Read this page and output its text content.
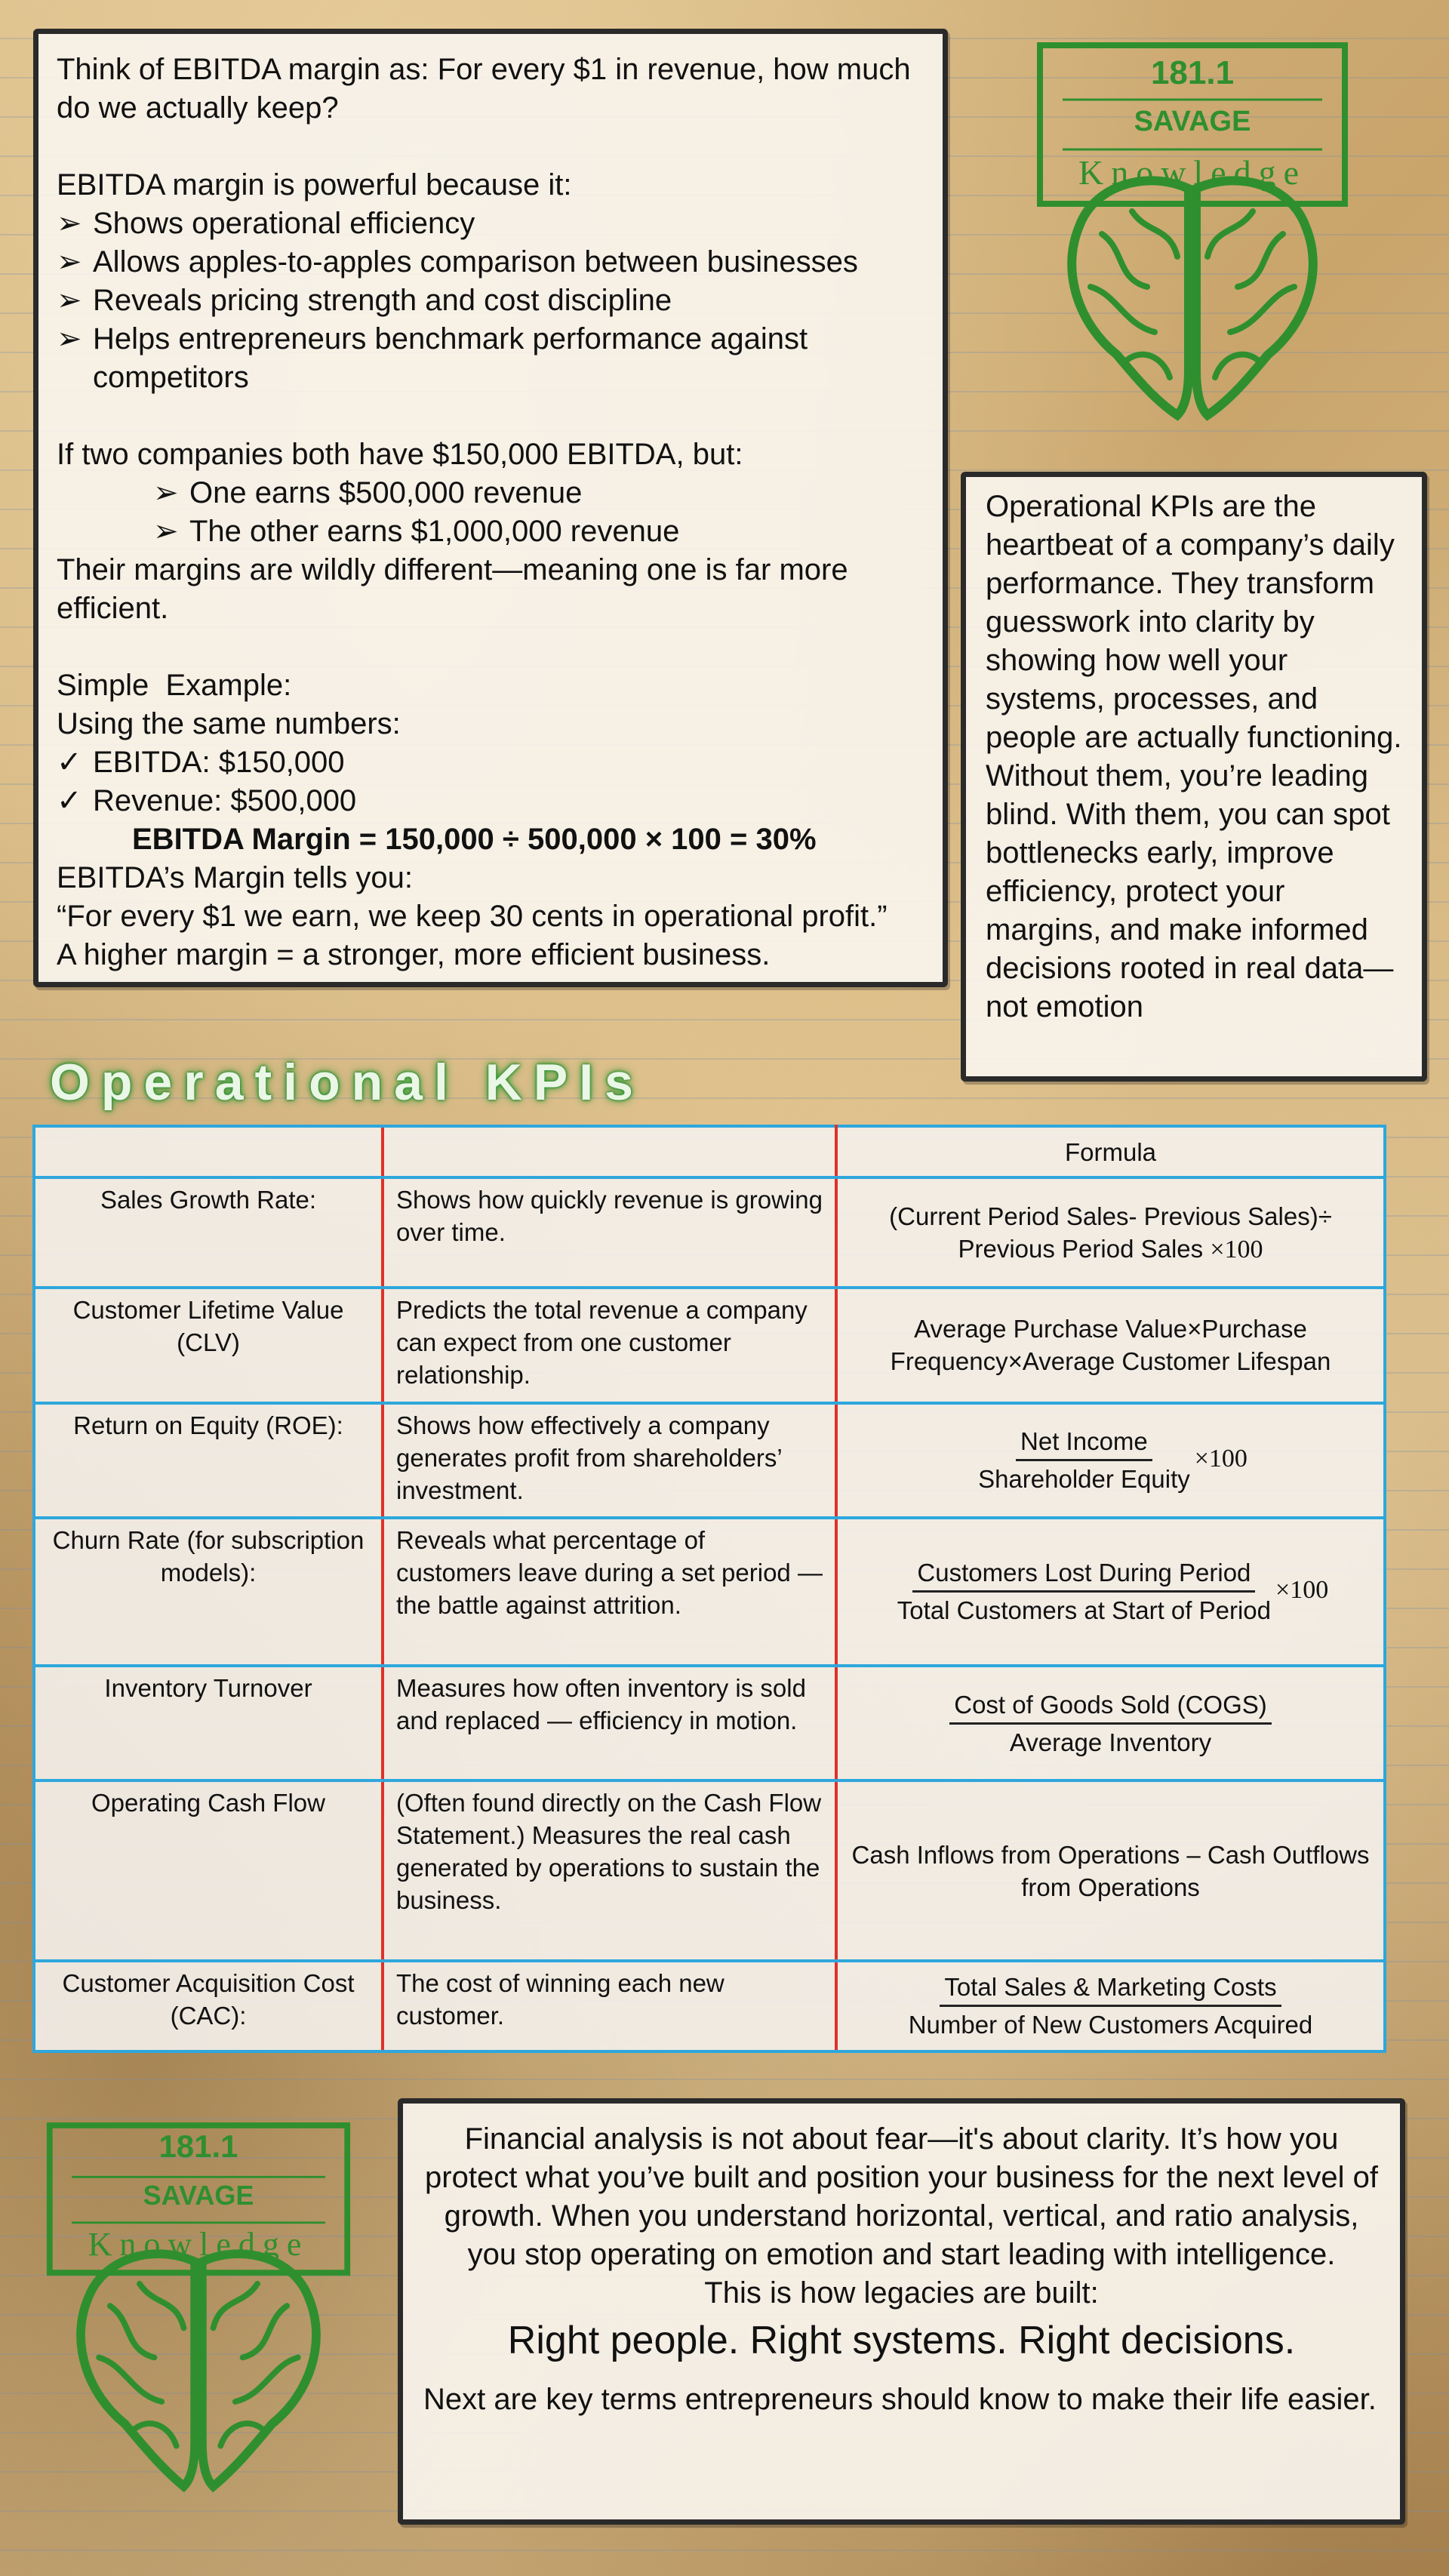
181.1
SAVAGE
Knowledge

Think of EBITDA margin as: For every $1 in revenue, how much do we actually keep?

EBITDA margin is powerful because it:

➢ Shows operational efficiency
➢ Allows apples-to-apples comparison between businesses
➢ Reveals pricing strength and cost discipline
➢ Helps entrepreneurs benchmark performance against competitors

If two companies both have $150,000 EBITDA, but:

➢ One earns $500,000 revenue
➢ The other earns $1,000,000 revenue

Their margins are wildly different—meaning one is far more efficient.

Simple  Example:

Using the same numbers:

✓ EBITDA: $150,000
✓ Revenue: $500,000

EBITDA Margin = 150,000 ÷ 500,000 × 100 = 30%

EBITDA’s Margin tells you:

“For every $1 we earn, we keep 30 cents in operational profit.”

A higher margin = a stronger, more efficient business.

Operational KPIs are the heartbeat of a company’s daily performance. They transform guesswork into clarity by showing how well your systems, processes, and people are actually functioning. Without them, you’re leading blind. With them, you can spot bottlenecks early, improve efficiency, protect your margins, and make informed decisions rooted in real data—not emotion

Operational KPIs
		Formula
Sales Growth Rate:	Shows how quickly revenue is growing over time.	(Current Period Sales- Previous Sales)÷ Previous Period Sales ×100
Customer Lifetime Value (CLV)	Predicts the total revenue a company can expect from one customer relationship.	Average Purchase Value×Purchase Frequency×Average Customer Lifespan
Return on Equity (ROE):	Shows how effectively a company generates profit from shareholders’ investment.	$\frac{\text{Net Income}}{\text{Shareholder Equity}} \times 100$
Churn Rate (for subscription models):	Reveals what percentage of customers leave during a set period — the battle against attrition.	$\frac{\text{Customers Lost During Period}}{\text{Total Customers at Start of Period}} \times 100$
Inventory Turnover	Measures how often inventory is sold and replaced — efficiency in motion.	$\frac{\text{Cost of Goods Sold (COGS)}}{\text{Average Inventory}}$

Operating Cash Flow	(Often found directly on the Cash Flow Statement.) Measures the real cash generated by operations to sustain the business.	Cash Inflows from Operations – Cash Outflows from Operations
Customer Acquisition Cost (CAC):	The cost of winning each new customer.	$\frac{\text{Total Sales \& Marketing Costs}}{\text{Number of New Customers Acquired}}$
181.1
SAVAGE
Knowledge

Financial analysis is not about fear—it's about clarity. It’s how you protect what you’ve built and position your business for the next level of growth. When you understand horizontal, vertical, and ratio analysis, you stop operating on emotion and start leading with intelligence.

This is how legacies are built:

Right people. Right systems. Right decisions.

Next are key terms entrepreneurs should know to make their life easier.
